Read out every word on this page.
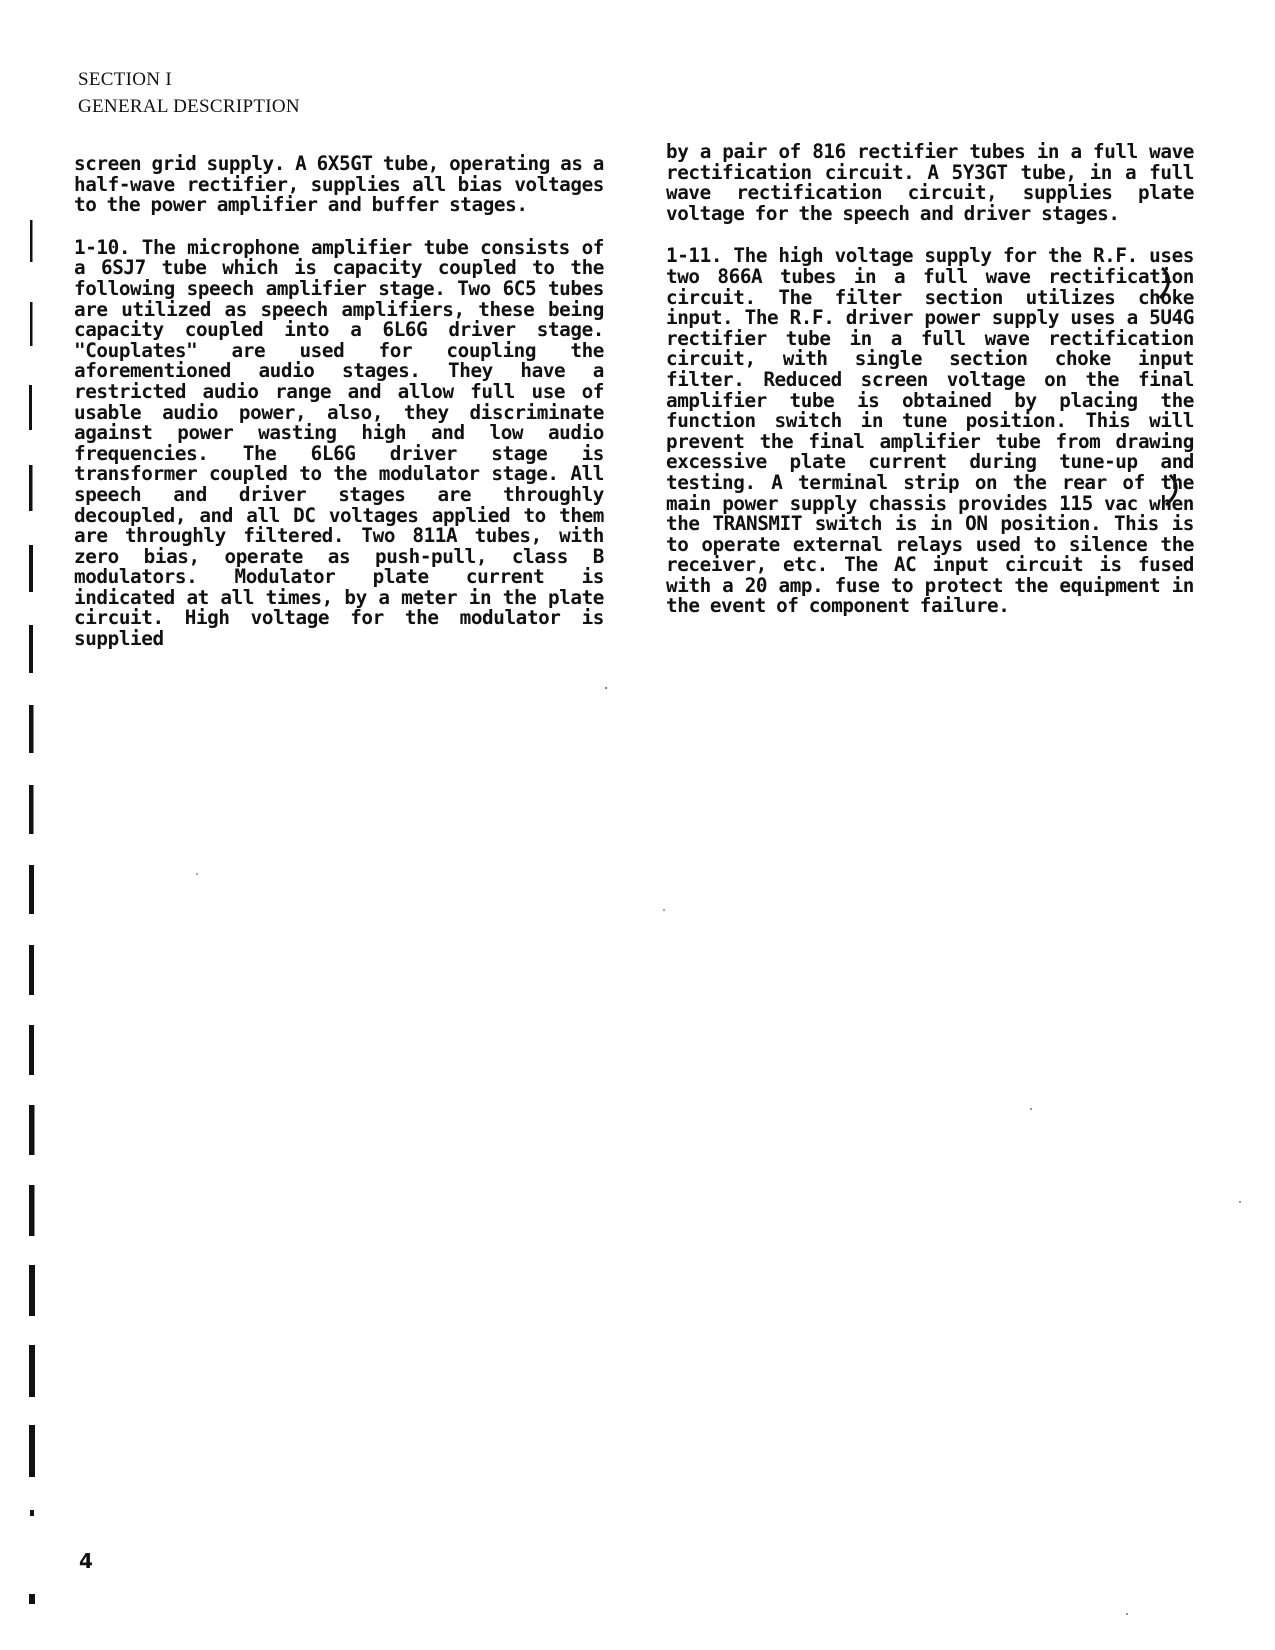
SECTION I
GENERAL DESCRIPTION

screen grid supply. A 6X5GT tube, operating as a half-wave rectifier, supplies all bias voltages to the power amplifier and buffer stages.

1-10. The microphone amplifier tube consists of a 6SJ7 tube which is capacity coupled to the following speech amplifier stage. Two 6C5 tubes are utilized as speech amplifiers, these being capacity coupled into a 6L6G driver stage. "Couplates" are used for coupling the aforementioned audio stages. They have a restricted audio range and allow full use of usable audio power, also, they discriminate against power wasting high and low audio frequencies. The 6L6G driver stage is transformer coupled to the modulator stage. All speech and driver stages are throughly decoupled, and all DC voltages applied to them are throughly filtered. Two 811A tubes, with zero bias, operate as push-pull, class B modulators. Modulator plate current is indicated at all times, by a meter in the plate circuit. High voltage for the modulator is supplied

by a pair of 816 rectifier tubes in a full wave rectification circuit. A 5Y3GT tube, in a full wave rectification circuit, supplies plate voltage for the speech and driver stages.

1-11. The high voltage supply for the R.F. uses two 866A tubes in a full wave rectification circuit. The filter section utilizes choke input. The R.F. driver power supply uses a 5U4G rectifier tube in a full wave rectification circuit, with single section choke input filter. Reduced screen voltage on the final amplifier tube is obtained by placing the function switch in tune position. This will prevent the final amplifier tube from drawing excessive plate current during tune-up and testing. A terminal strip on the rear of the main power supply chassis provides 115 vac when the TRANSMIT switch is in ON position. This is to operate external relays used to silence the receiver, etc. The AC input circuit is fused with a 20 amp. fuse to protect the equipment in the event of component failure.

4
